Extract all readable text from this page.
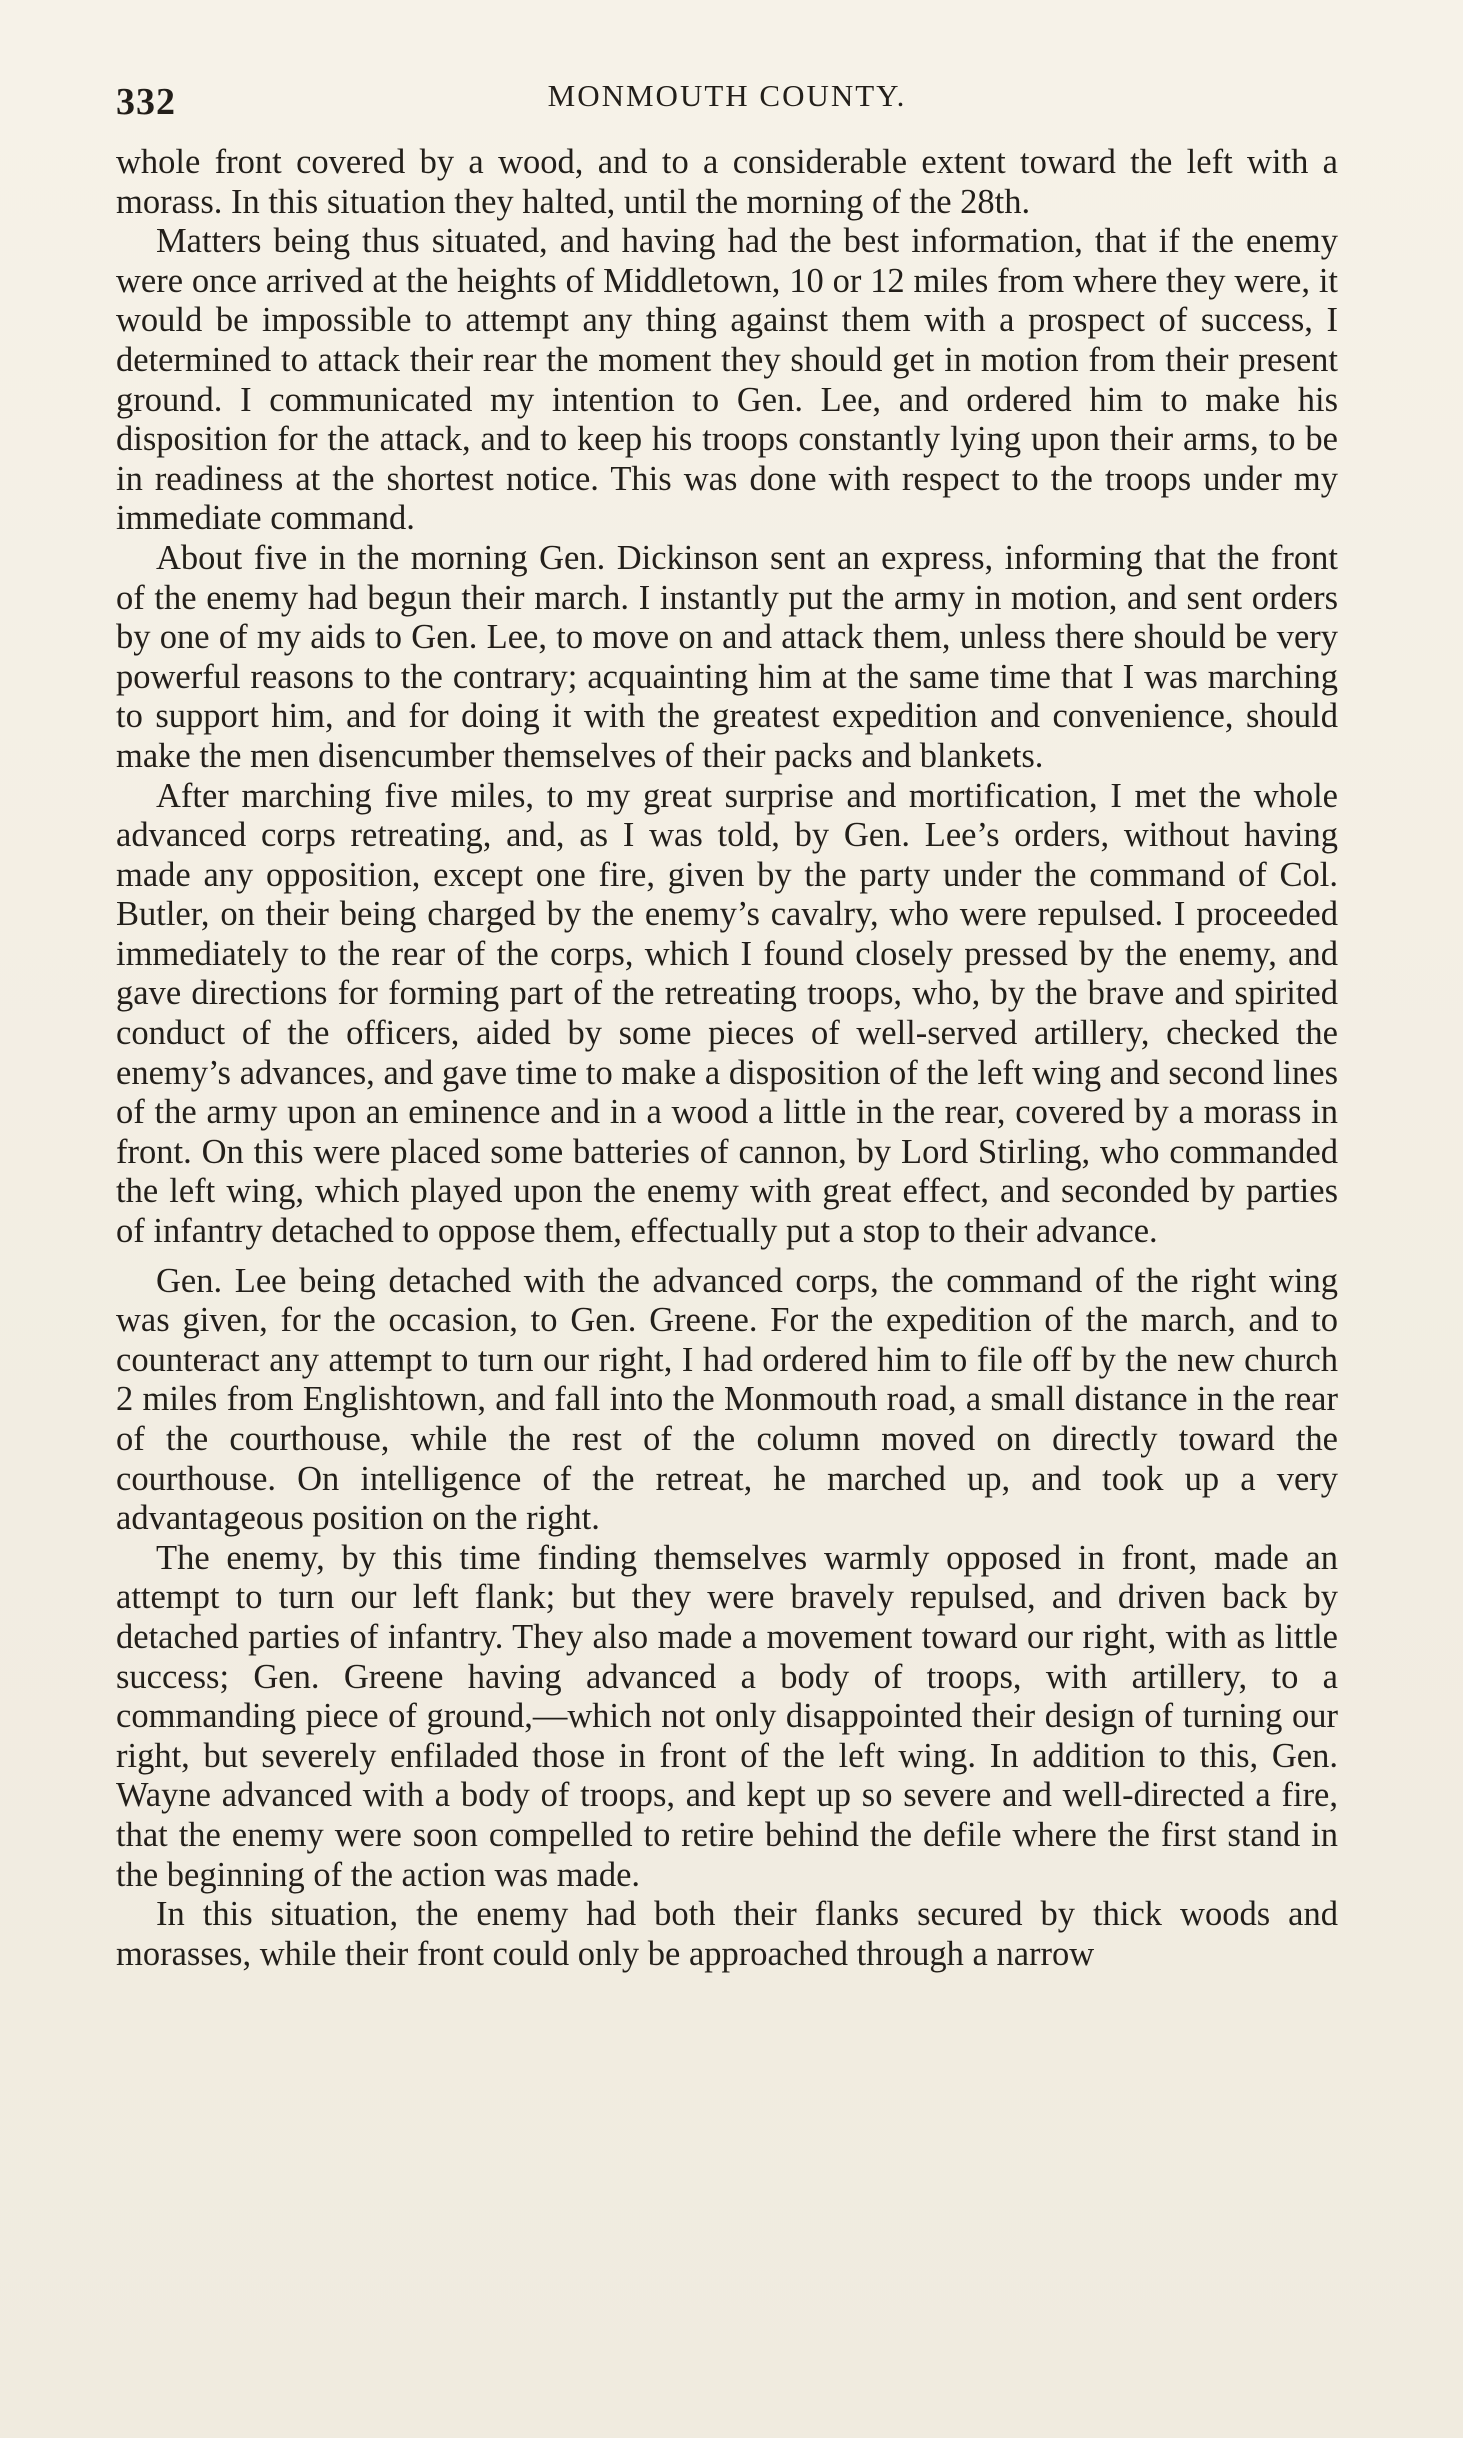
332	MONMOUTH COUNTY.

whole front covered by a wood, and to a considerable extent toward the left with a morass. In this situation they halted, until the morning of the 28th.

Matters being thus situated, and having had the best information, that if the enemy were once arrived at the heights of Middletown, 10 or 12 miles from where they were, it would be impossible to attempt any thing against them with a prospect of success, I determined to attack their rear the moment they should get in motion from their present ground. I communicated my intention to Gen. Lee, and ordered him to make his disposition for the attack, and to keep his troops constantly lying upon their arms, to be in readiness at the shortest notice. This was done with respect to the troops under my immediate command.

About five in the morning Gen. Dickinson sent an express, informing that the front of the enemy had begun their march. I instantly put the army in motion, and sent orders by one of my aids to Gen. Lee, to move on and attack them, unless there should be very powerful reasons to the contrary; acquainting him at the same time that I was marching to support him, and for doing it with the greatest expedition and convenience, should make the men disencumber themselves of their packs and blankets.

After marching five miles, to my great surprise and mortification, I met the whole advanced corps retreating, and, as I was told, by Gen. Lee’s orders, without having made any opposition, except one fire, given by the party under the command of Col. Butler, on their being charged by the enemy’s cavalry, who were repulsed. I proceeded immediately to the rear of the corps, which I found closely pressed by the enemy, and gave directions for forming part of the retreating troops, who, by the brave and spirited conduct of the officers, aided by some pieces of well-served artillery, checked the enemy’s advances, and gave time to make a disposition of the left wing and second lines of the army upon an eminence and in a wood a little in the rear, covered by a morass in front. On this were placed some batteries of cannon, by Lord Stirling, who commanded the left wing, which played upon the enemy with great effect, and seconded by parties of infantry detached to oppose them, effectually put a stop to their advance.

Gen. Lee being detached with the advanced corps, the command of the right wing was given, for the occasion, to Gen. Greene. For the expedition of the march, and to counteract any attempt to turn our right, I had ordered him to file off by the new church 2 miles from Englishtown, and fall into the Monmouth road, a small distance in the rear of the courthouse, while the rest of the column moved on directly toward the courthouse. On intelligence of the retreat, he marched up, and took up a very advantageous position on the right.

The enemy, by this time finding themselves warmly opposed in front, made an attempt to turn our left flank; but they were bravely repulsed, and driven back by detached parties of infantry. They also made a movement toward our right, with as little success; Gen. Greene having advanced a body of troops, with artillery, to a commanding piece of ground,—which not only disappointed their design of turning our right, but severely enfiladed those in front of the left wing. In addition to this, Gen. Wayne advanced with a body of troops, and kept up so severe and well-directed a fire, that the enemy were soon compelled to retire behind the defile where the first stand in the beginning of the action was made.

In this situation, the enemy had both their flanks secured by thick woods and morasses, while their front could only be approached through a narrow
